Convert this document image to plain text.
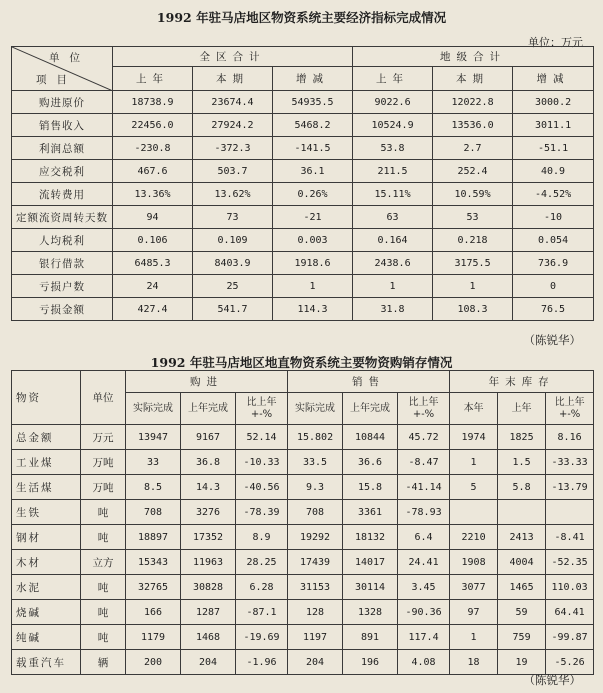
1992 年驻马店地区物资系统主要经济指标完成情况
单位：万元
单位
项目	全区合计			地级合计		
	上年	本期	增减	上年	本期	增减
购进原价	18738.9	23674.4	54935.5	9022.6	12022.8	3000.2
销售收入	22456.0	27924.2	5468.2	10524.9	13536.0	3011.1
利润总额	-230.8	-372.3	-141.5	53.8	2.7	-51.1
应交税利	467.6	503.7	36.1	211.5	252.4	40.9
流转费用	13.36%	13.62%	0.26%	15.11%	10.59%	-4.52%
定额流资周转天数	94	73	-21	63	53	-10
人均税利	0.106	0.109	0.003	0.164	0.218	0.054
银行借款	6485.3	8403.9	1918.6	2438.6	3175.5	736.9
亏损户数	24	25	1	1	1	0
亏损金额	427.4	541.7	114.3	31.8	108.3	76.5
（陈锐华）
1992 年驻马店地区地直物资系统主要物资购销存情况
物资	单位	购进			销售			年末库存		
		实际完成	上年完成	比上年
+-%	实际完成	上年完成	比上年
+-%	本年	上年	比上年
+-%
总金额	万元	13947	9167	52.14	15.802	10844	45.72	1974	1825	8.16
工业煤	万吨	33	36.8	-10.33	33.5	36.6	-8.47	1	1.5	-33.33
生活煤	万吨	8.5	14.3	-40.56	9.3	15.8	-41.14	5	5.8	-13.79
生铁	吨	708	3276	-78.39	708	3361	-78.93			
钢材	吨	18897	17352	8.9	19292	18132	6.4	2210	2413	-8.41
木材	立方	15343	11963	28.25	17439	14017	24.41	1908	4004	-52.35
水泥	吨	32765	30828	6.28	31153	30114	3.45	3077	1465	110.03
烧碱	吨	166	1287	-87.1	128	1328	-90.36	97	59	64.41
纯碱	吨	1179	1468	-19.69	1197	891	117.4	1	759	-99.87
载重汽车	辆	200	204	-1.96	204	196	4.08	18	19	-5.26
（陈锐华）
